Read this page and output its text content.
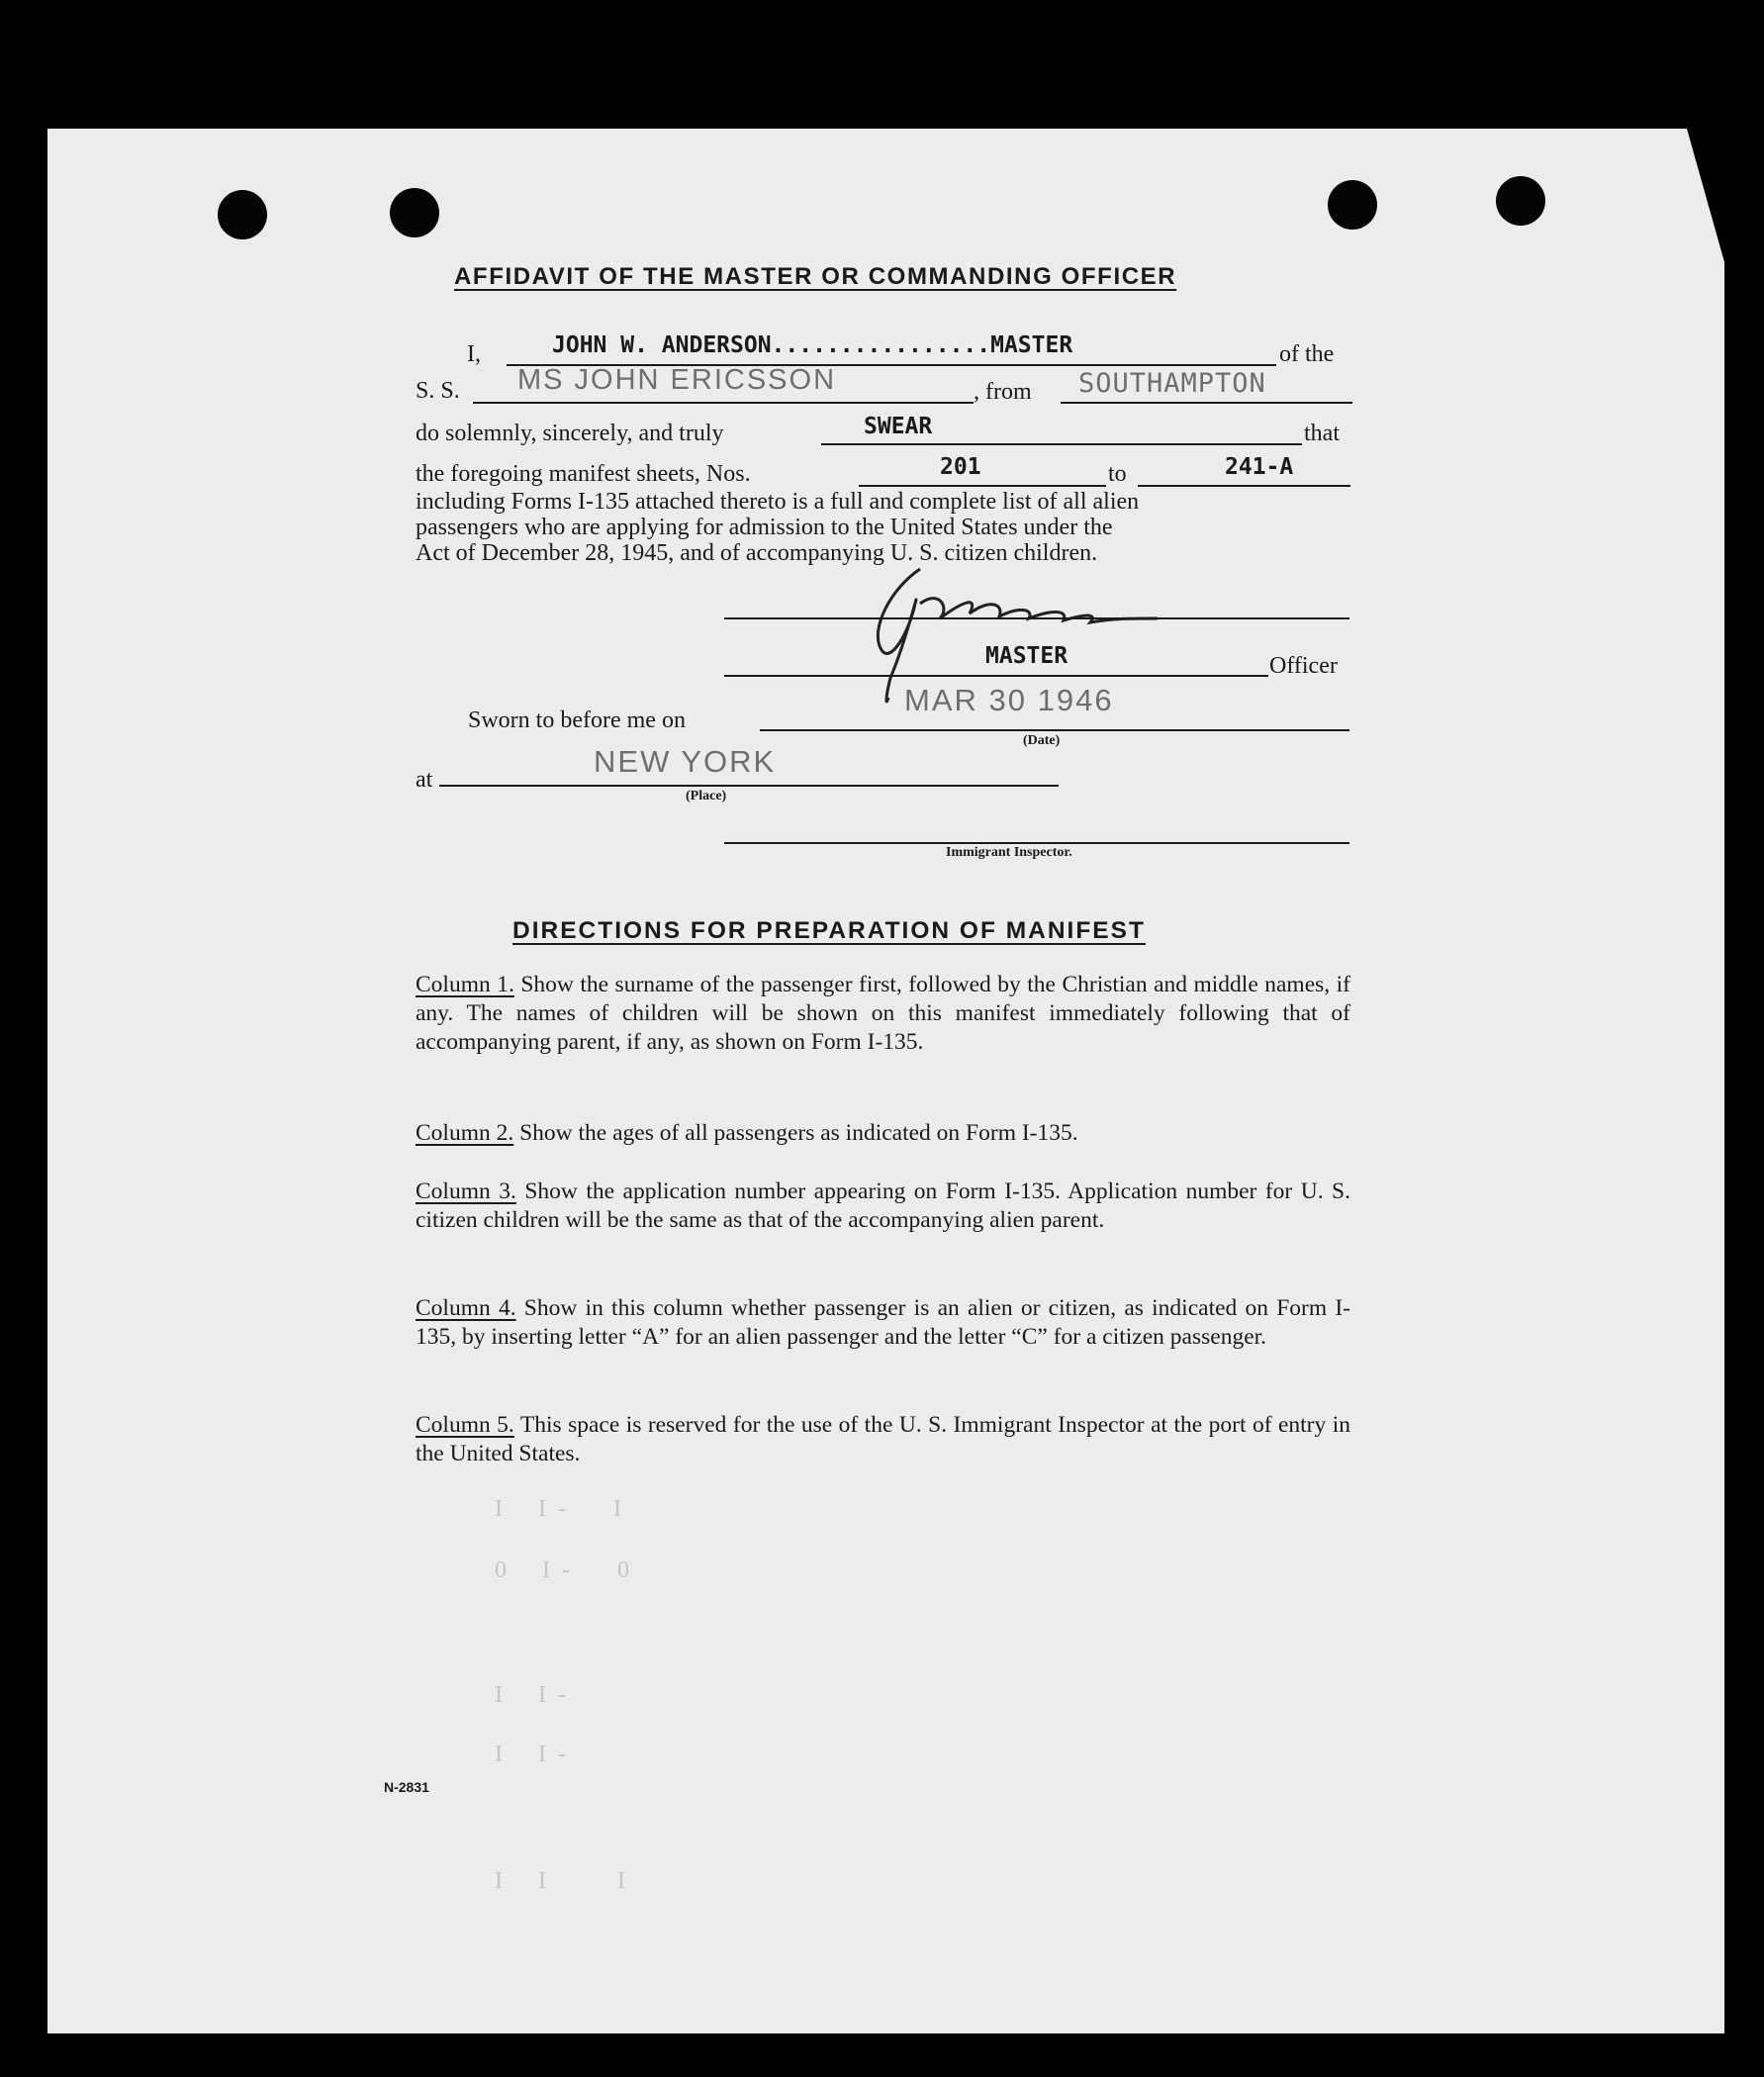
AFFIDAVIT OF THE MASTER OR COMMANDING OFFICER
I,	JOHN W. ANDERSON................MASTER	of the
S. S. MS JOHN ERICSSON	, from SOUTHAMPTON
do solemnly, sincerely, and truly	SWEAR	that
the foregoing manifest sheets, Nos.	201	to	241-A
including Forms I-135 attached thereto is a full and complete list of all alien
passengers who are applying for admission to the United States under the
Act of December 28, 1945, and of accompanying U. S. citizen children.
MASTER	Officer
Sworn to before me on
MAR 30 1946
(Date)
at
NEW YORK
(Place)
Immigrant Inspector.
DIRECTIONS FOR PREPARATION OF MANIFEST

Column 1. Show the surname of the passenger first, followed by the Christian and middle names, if any. The names of children will be shown on this manifest immediately following that of accompanying parent, if any, as shown on Form I-135.

Column 2. Show the ages of all passengers as indicated on Form I-135.

Column 3. Show the application number appearing on Form I-135. Application number for U. S. citizen children will be the same as that of the accompanying alien parent.

Column 4. Show in this column whether passenger is an alien or citizen, as indicated on Form I-135, by inserting letter “A” for an alien passenger and the letter “C” for a citizen passenger.

Column 5. This space is reserved for the use of the U. S. Immigrant Inspector at the port of entry in the United States.

I      I  -        I
0      I  -        0
I      I  -
I      I  -
I      I            I
N-2831
